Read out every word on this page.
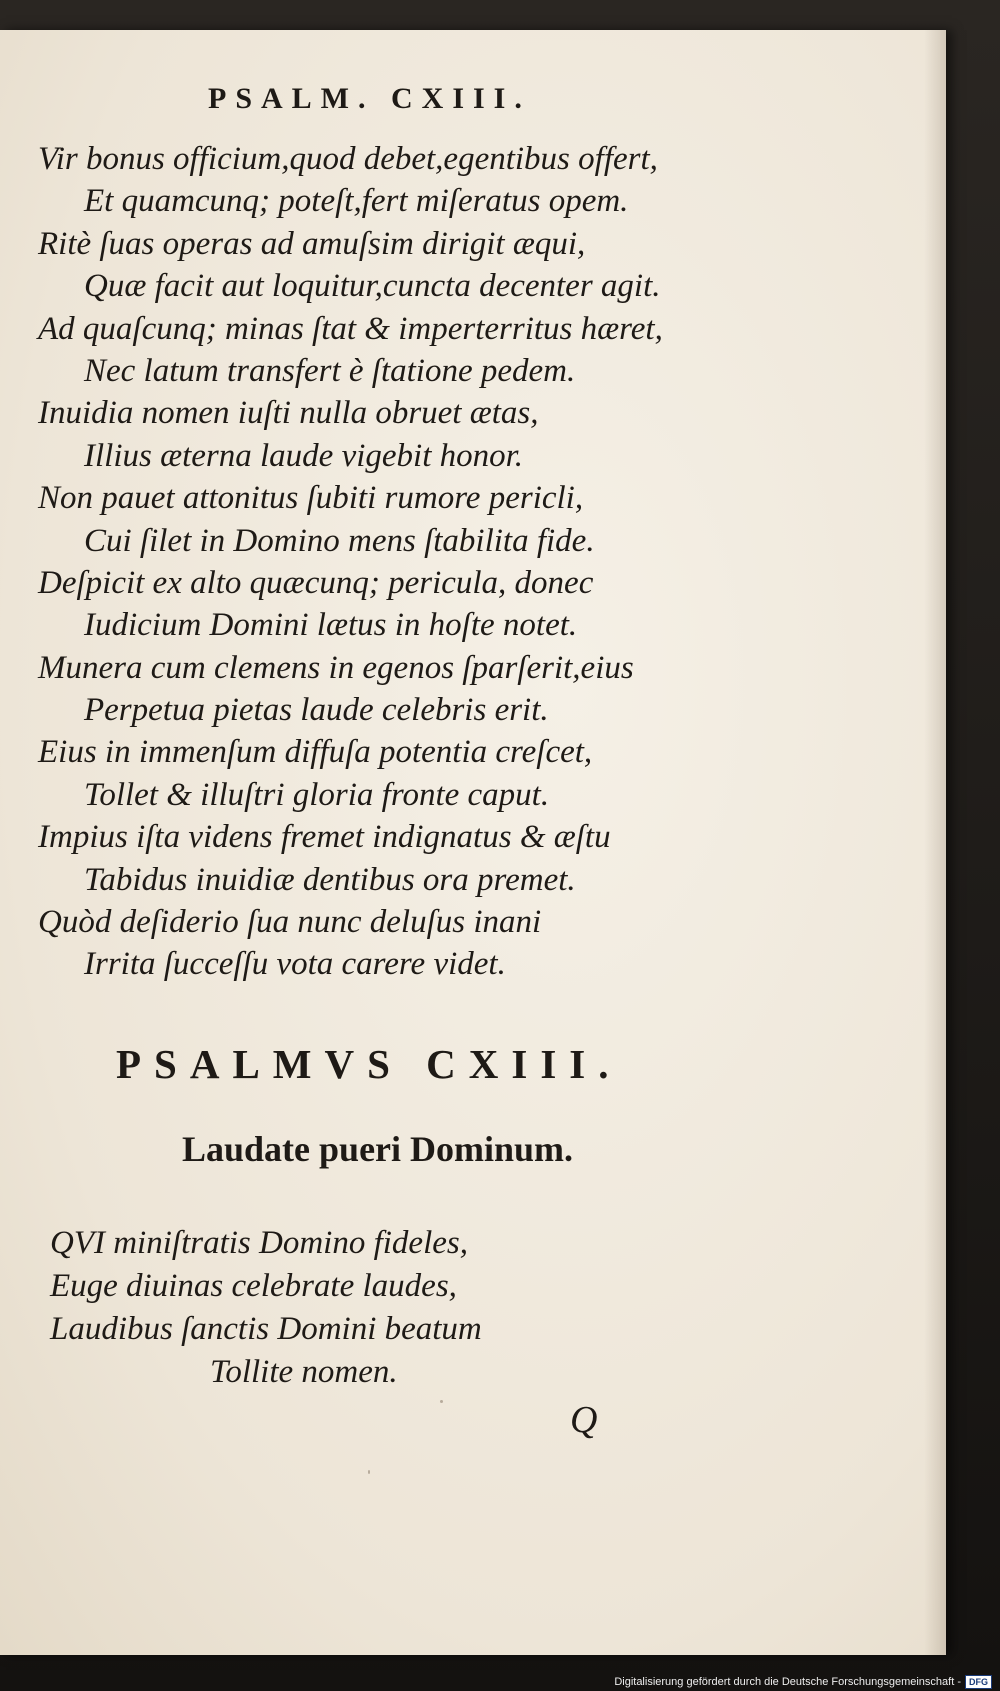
PSALM. CXIII.
Vir bonus officium,quod debet,egentibus offert,
Et quamcunq; poteſt,fert miſeratus opem.
Ritè ſuas operas ad amuſsim dirigit æqui,
Quæ facit aut loquitur,cuncta decenter agit.
Ad quaſcunq; minas ſtat & imperterritus hæret,
Nec latum transfert è ſtatione pedem.
Inuidia nomen iuſti nulla obruet ætas,
Illius æterna laude vigebit honor.
Non pauet attonitus ſubiti rumore pericli,
Cui ſilet in Domino mens ſtabilita fide.
Deſpicit ex alto quæcunq; pericula, donec
Iudicium Domini lætus in hoſte notet.
Munera cum clemens in egenos ſparſerit,eius
Perpetua pietas laude celebris erit.
Eius in immenſum diffuſa potentia creſcet,
Tollet & illuſtri gloria fronte caput.
Impius iſta videns fremet indignatus & æſtu
Tabidus inuidiæ dentibus ora premet.
Quòd deſiderio ſua nunc deluſus inani
Irrita ſucceſſu vota carere videt.
PSALMVS CXIII.
Laudate pueri Dominum.
QVI miniſtratis Domino fideles,
Euge diuinas celebrate laudes,
Laudibus ſanctis Domini beatum
Tollite nomen.
Q
Digitalisierung gefördert durch die Deutsche Forschungsgemeinschaft - DFG
